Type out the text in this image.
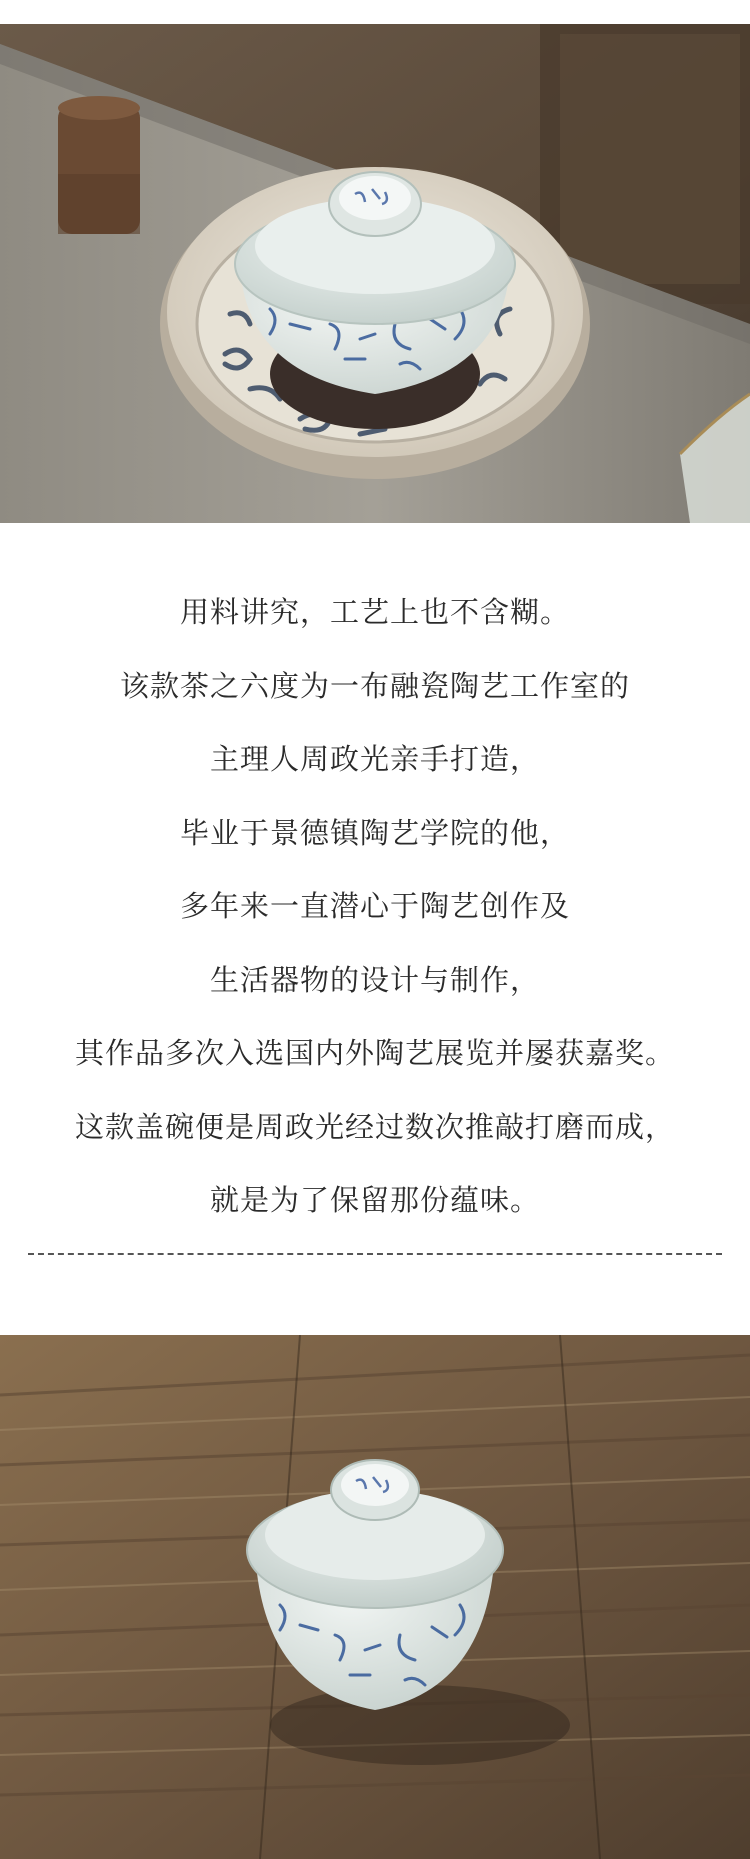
用料讲究，工艺上也不含糊。
该款茶之六度为一布融瓷陶艺工作室的
主理人周政光亲手打造，
毕业于景德镇陶艺学院的他，
多年来一直潜心于陶艺创作及
生活器物的设计与制作，
其作品多次入选国内外陶艺展览并屡获嘉奖。
这款盖碗便是周政光经过数次推敲打磨而成，
就是为了保留那份蕴味。
